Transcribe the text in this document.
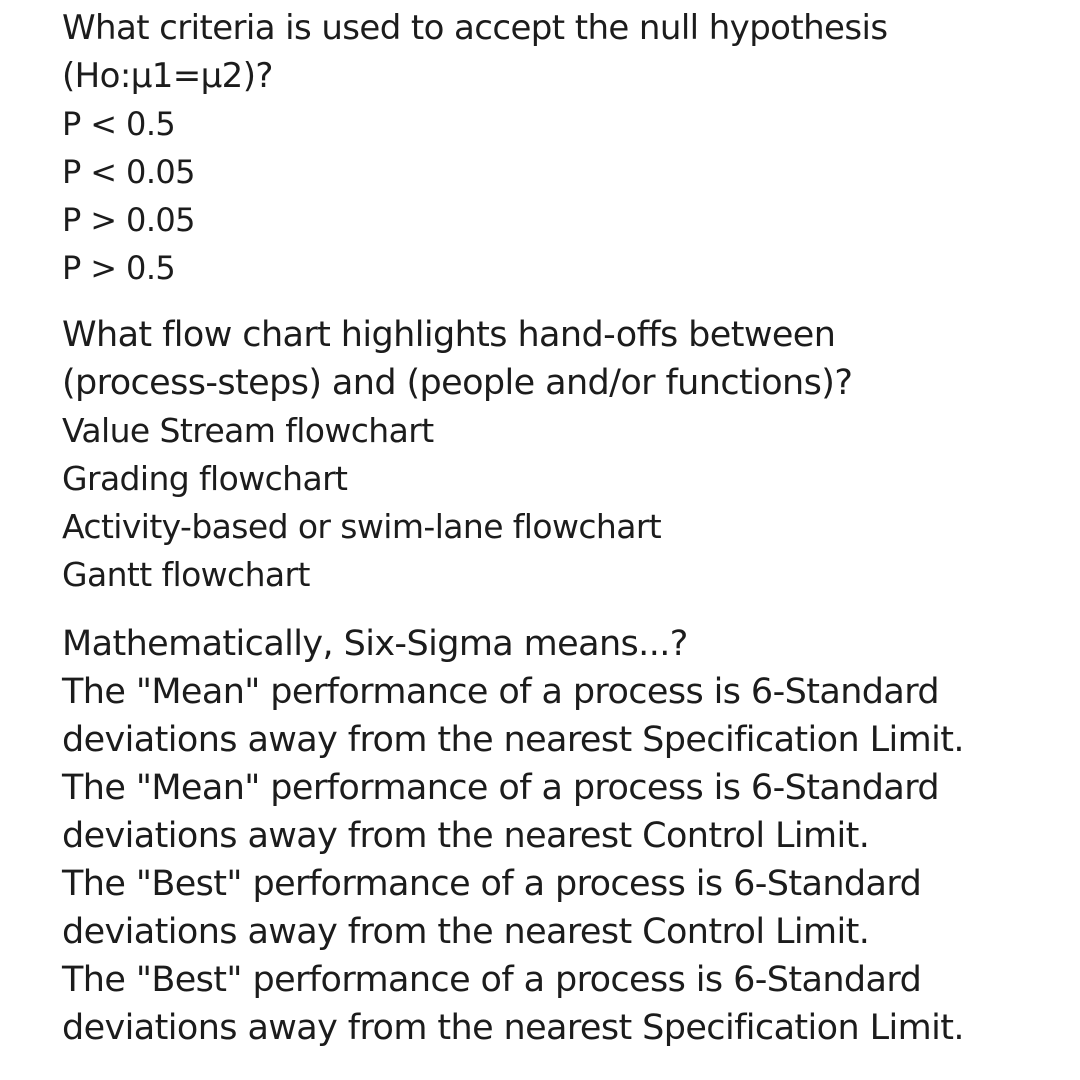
What criteria is used to accept the null hypothesis
(Ho:µ1=µ2)?
P < 0.5
P < 0.05
P > 0.05
P > 0.5
What flow chart highlights hand-offs between
(process-steps) and (people and/or functions)?
Value Stream flowchart
Grading flowchart
Activity-based or swim-lane flowchart
Gantt flowchart
Mathematically, Six-Sigma means...?
The "Mean" performance of a process is 6-Standard deviations away from the nearest Specification Limit.
The "Mean" performance of a process is 6-Standard deviations away from the nearest Control Limit.
The "Best" performance of a process is 6-Standard deviations away from the nearest Control Limit.
The "Best" performance of a process is 6-Standard deviations away from the nearest Specification Limit.
